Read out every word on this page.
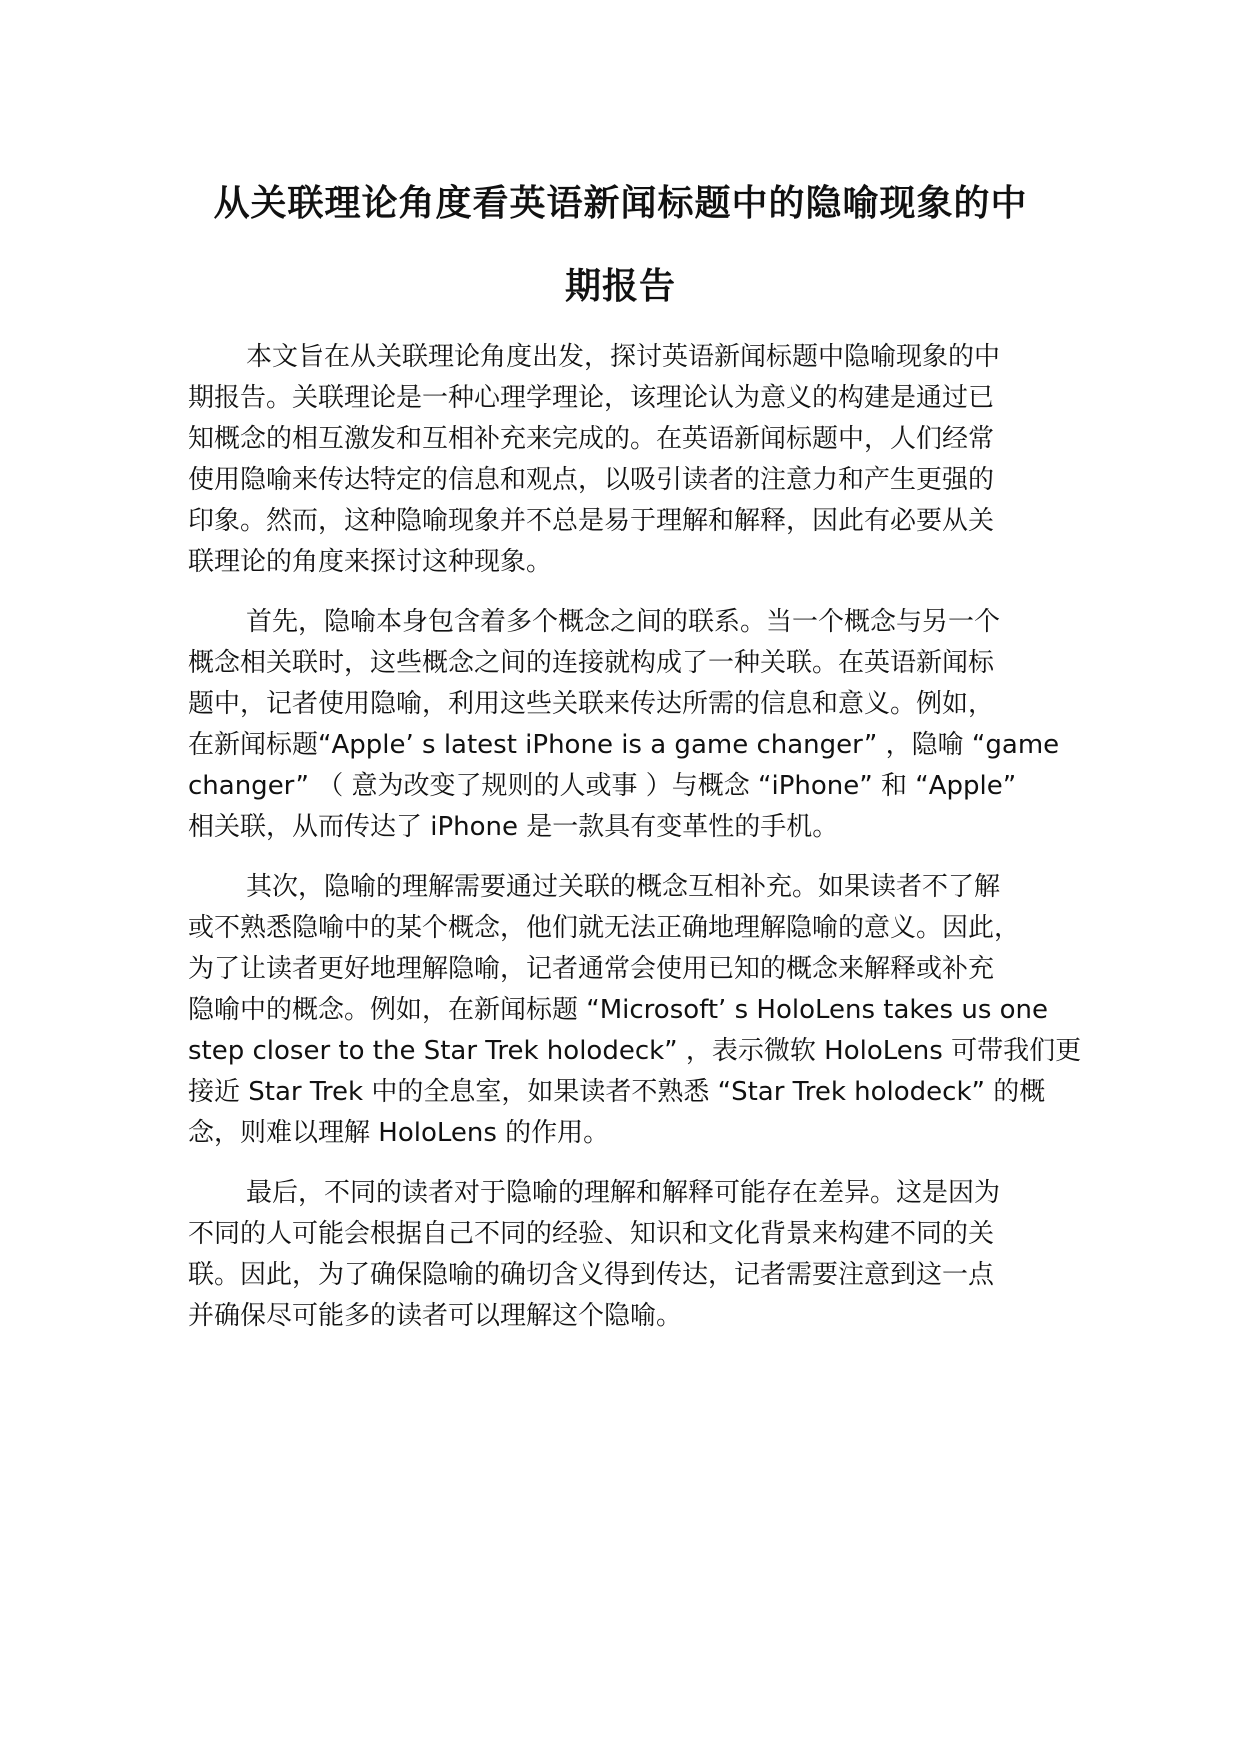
从关联理论角度看英语新闻标题中的隐喻现象的中
期报告

本文旨在从关联理论角度出发，探讨英语新闻标题中隐喻现象的中

期报告。关联理论是一种心理学理论，该理论认为意义的构建是通过已

知概念的相互激发和互相补充来完成的。在英语新闻标题中，人们经常

使用隐喻来传达特定的信息和观点，以吸引读者的注意力和产生更强的

印象。然而，这种隐喻现象并不总是易于理解和解释，因此有必要从关

联理论的角度来探讨这种现象。

首先，隐喻本身包含着多个概念之间的联系。当一个概念与另一个

概念相关联时，这些概念之间的连接就构成了一种关联。在英语新闻标

题中，记者使用隐喻，利用这些关联来传达所需的信息和意义。例如，

在新闻标题“Apple’ s latest iPhone is a game changer” ，隐喻 “game

changer” （ 意为改变了规则的人或事 ）与概念 “iPhone” 和 “Apple”

相关联，从而传达了 iPhone 是一款具有变革性的手机。

其次，隐喻的理解需要通过关联的概念互相补充。如果读者不了解

或不熟悉隐喻中的某个概念，他们就无法正确地理解隐喻的意义。因此，

为了让读者更好地理解隐喻，记者通常会使用已知的概念来解释或补充

隐喻中的概念。例如，在新闻标题 “Microsoft’ s HoloLens takes us one

step closer to the Star Trek holodeck” ，表示微软 HoloLens 可带我们更

接近 Star Trek 中的全息室，如果读者不熟悉 “Star Trek holodeck” 的概

念，则难以理解 HoloLens 的作用。

最后，不同的读者对于隐喻的理解和解释可能存在差异。这是因为

不同的人可能会根据自己不同的经验、知识和文化背景来构建不同的关

联。因此，为了确保隐喻的确切含义得到传达，记者需要注意到这一点

并确保尽可能多的读者可以理解这个隐喻。
